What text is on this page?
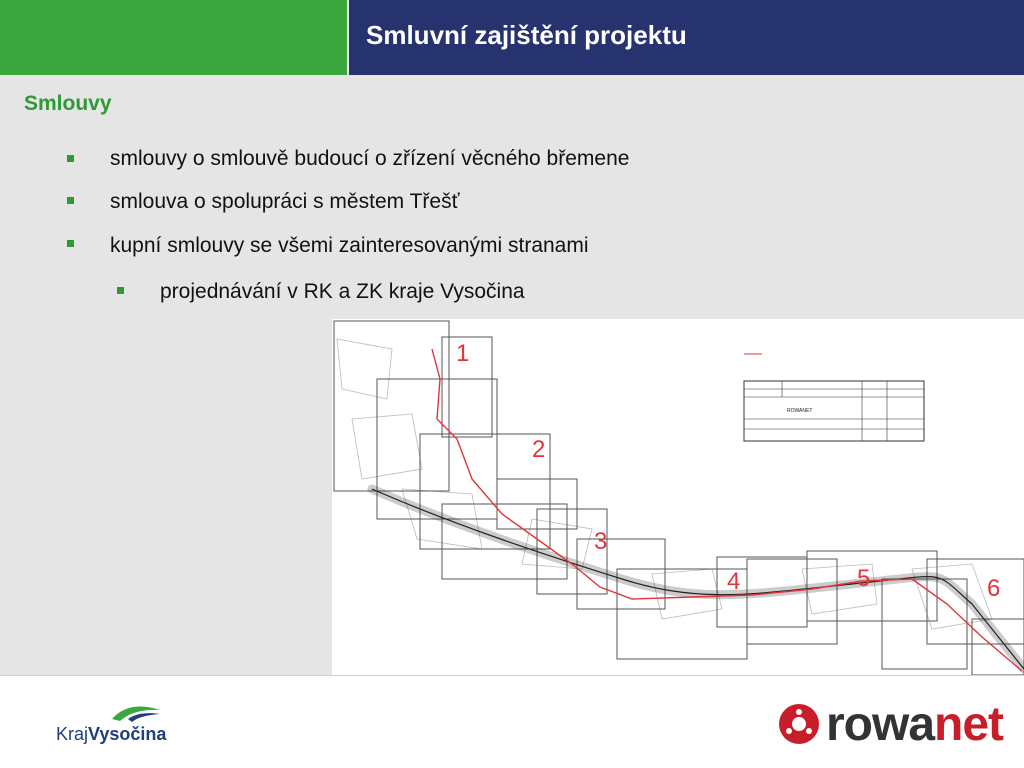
Smluvní zajištění projektu
Smlouvy
smlouvy o smlouvě budoucí o zřízení věcného břemene
smlouva o spolupráci s městem Třešť
kupní smlouvy se všemi zainteresovanými stranami
projednávání v RK a ZK kraje Vysočina
1
2
3
4	5	6
ROWANET
KrajVysočina	rowanet
